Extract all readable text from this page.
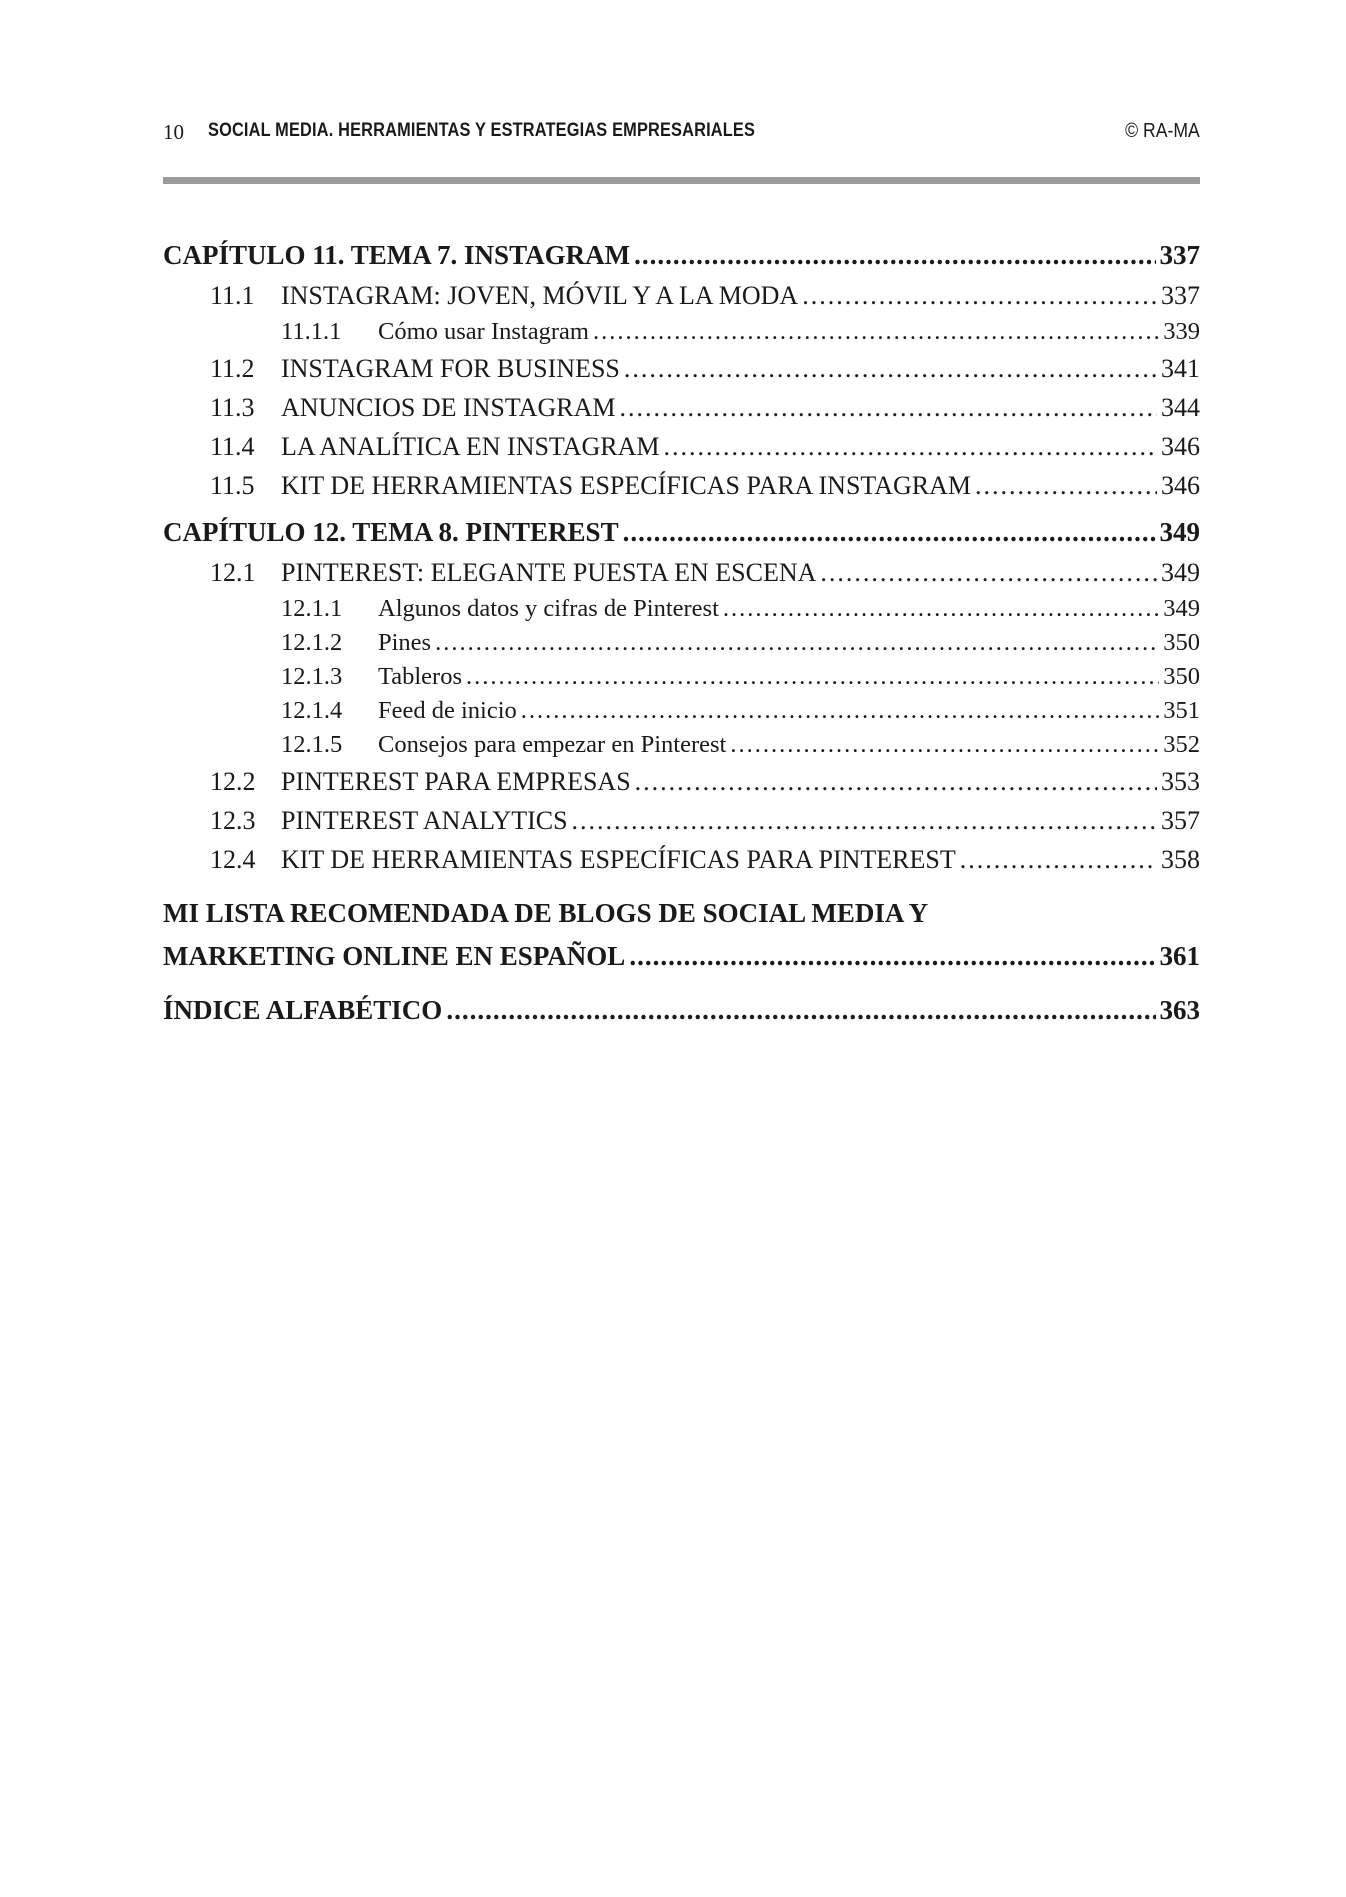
10 SOCIAL MEDIA. HERRAMIENTAS Y ESTRATEGIAS EMPRESARIALES	© RA-MA
CAPÍTULO 11. TEMA 7. INSTAGRAM .....	337
11.1	INSTAGRAM: JOVEN, MÓVIL Y A LA MODA .....	337
11.1.1	Cómo usar Instagram .....	339
11.2	INSTAGRAM FOR BUSINESS .....	341
11.3	ANUNCIOS DE INSTAGRAM .....	344
11.4	LA ANALÍTICA EN INSTAGRAM .....	346
11.5	KIT DE HERRAMIENTAS ESPECÍFICAS PARA INSTAGRAM .....	346
CAPÍTULO 12. TEMA 8. PINTEREST .....	349
12.1 PINTEREST: ELEGANTE PUESTA EN ESCENA .....	349
12.1.1	Algunos datos y cifras de Pinterest .....	349
12.1.2	Pines .....	350
12.1.3	Tableros .....	350
12.1.4	Feed de inicio .....	351
12.1.5	Consejos para empezar en Pinterest .....	352
12.2 PINTEREST PARA EMPRESAS .....	353
12.3 PINTEREST ANALYTICS .....	357
12.4 KIT DE HERRAMIENTAS ESPECÍFICAS PARA PINTEREST .....	358
MI LISTA RECOMENDADA DE BLOGS DE SOCIAL MEDIA Y
MARKETING ONLINE EN ESPAÑOL .....	361
ÍNDICE ALFABÉTICO .....	363
